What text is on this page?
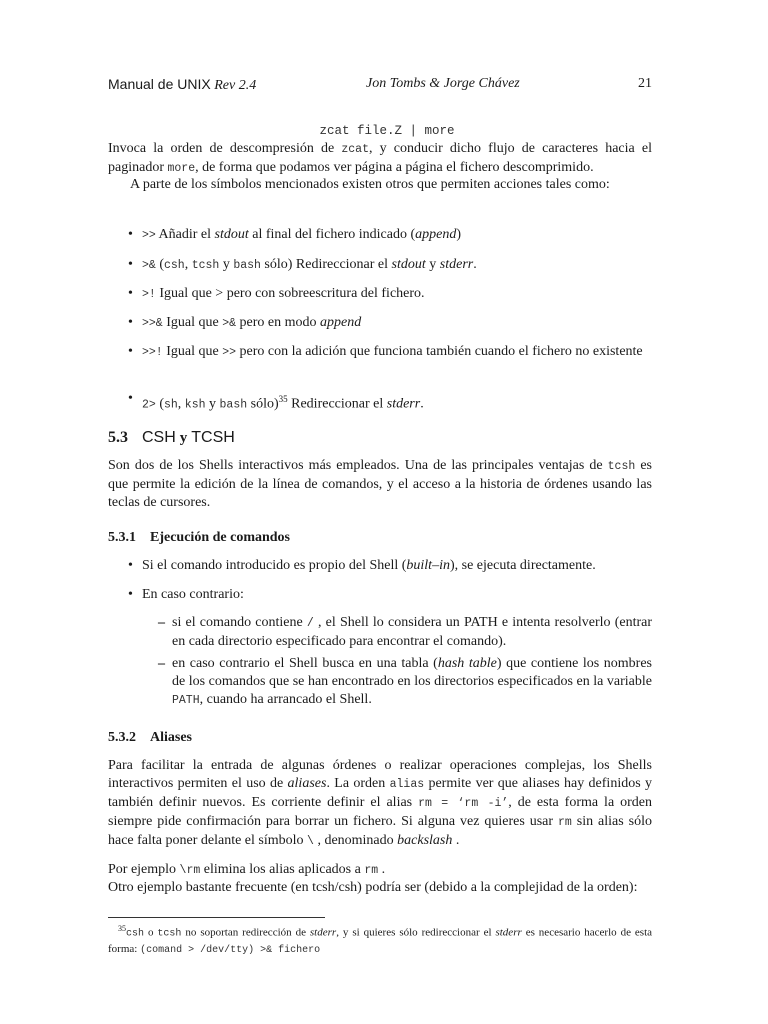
Manual de UNIX Rev 2.4	Jon Tombs & Jorge Chávez	21
zcat file.Z | more
Invoca la orden de descompresión de zcat, y conducir dicho flujo de caracteres hacia el paginador more, de forma que podamos ver página a página el fichero descomprimido.
A parte de los símbolos mencionados existen otros que permiten acciones tales como:
• >> Añadir el stdout al final del fichero indicado (append)
• >& (csh, tcsh y bash sólo) Redireccionar el stdout y stderr.
• >! Igual que > pero con sobreescritura del fichero.
• >>& Igual que >& pero en modo append
• >>! Igual que >> pero con la adición que funciona también cuando el fichero no existente
• 2> (sh, ksh y bash sólo)$^{35}$ Redireccionar el stderr.
5.3 CSH y TCSH
Son dos de los Shells interactivos más empleados. Una de las principales ventajas de tcsh es que permite la edición de la línea de comandos, y el acceso a la historia de órdenes usando las teclas de cursores.
5.3.1 Ejecución de comandos
• Si el comando introducido es propio del Shell (built–in), se ejecuta directamente.
• En caso contrario:
– si el comando contiene / , el Shell lo considera un PATH e intenta resolverlo (entrar en cada directorio especificado para encontrar el comando).
– en caso contrario el Shell busca en una tabla (hash table) que contiene los nombres de los comandos que se han encontrado en los directorios especificados en la variable PATH, cuando ha arrancado el Shell.
5.3.2 Aliases
Para facilitar la entrada de algunas órdenes o realizar operaciones complejas, los Shells interactivos permiten el uso de aliases. La orden alias permite ver que aliases hay definidos y también definir nuevos. Es corriente definir el alias rm = ‘rm -i’, de esta forma la orden siempre pide confirmación para borrar un fichero. Si alguna vez quieres usar rm sin alias sólo hace falta poner delante el símbolo \ , denominado backslash .
Por ejemplo \rm elimina los alias aplicados a rm .
Otro ejemplo bastante frecuente (en tcsh/csh) podría ser (debido a la complejidad de la orden):
$^{35}$csh o tcsh no soportan redirección de stderr, y si quieres sólo redireccionar el stderr es necesario hacerlo de esta forma: (comand > /dev/tty) >& fichero
